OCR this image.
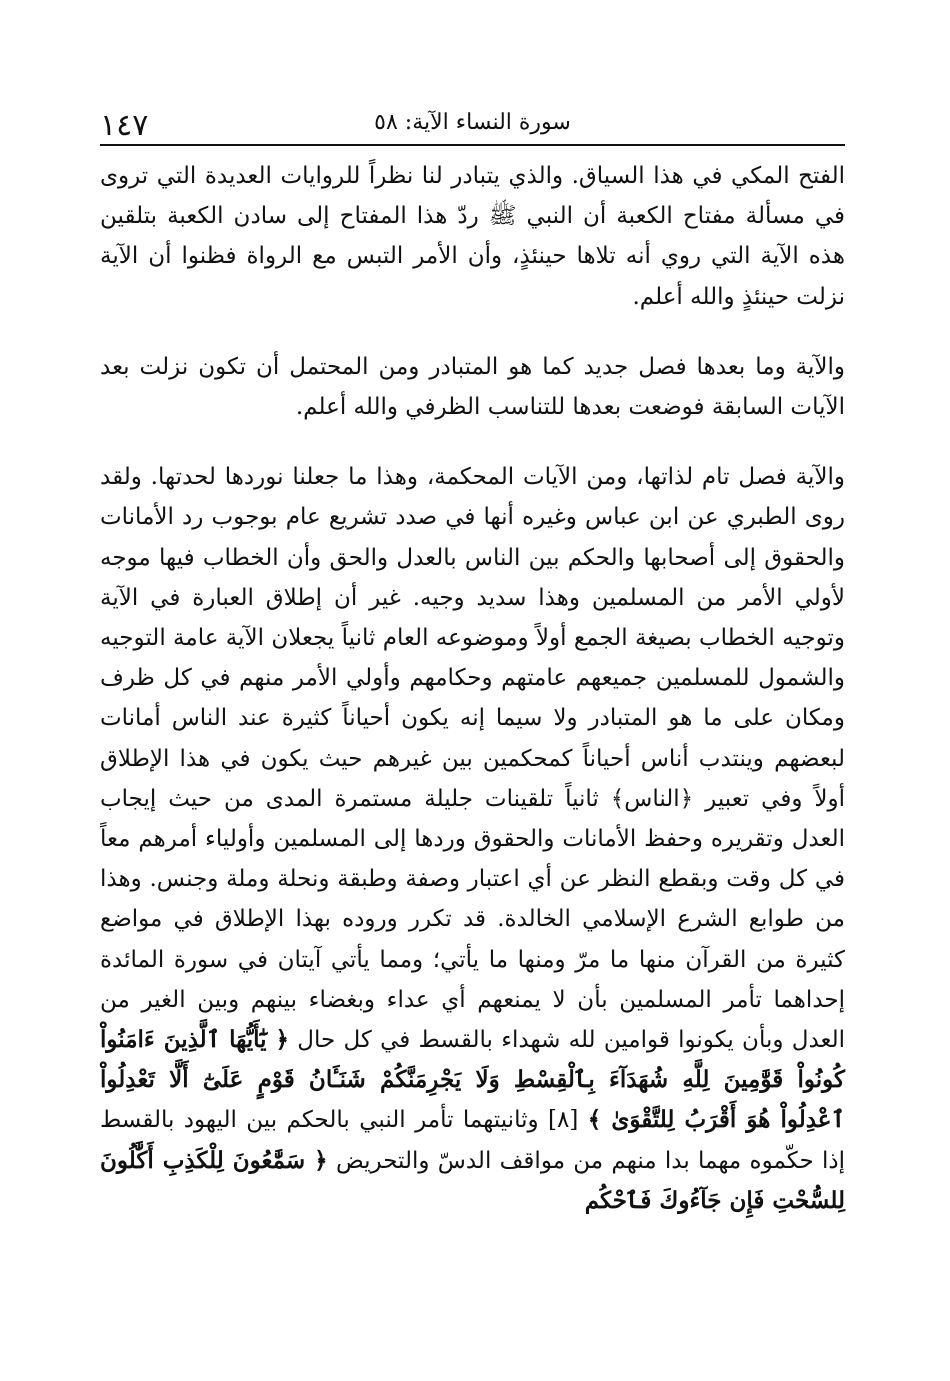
١٤٧	سورة النساء الآية: ٥٨

الفتح المكي في هذا السياق. والذي يتبادر لنا نظراً للروايات العديدة التي تروى في مسألة مفتاح الكعبة أن النبي ﷺ ردّ هذا المفتاح إلى سادن الكعبة بتلقين هذه الآية التي روي أنه تلاها حينئذٍ، وأن الأمر التبس مع الرواة فظنوا أن الآية نزلت حينئذٍ والله أعلم.

والآية وما بعدها فصل جديد كما هو المتبادر ومن المحتمل أن تكون نزلت بعد الآيات السابقة فوضعت بعدها للتناسب الظرفي والله أعلم.

والآية فصل تام لذاتها، ومن الآيات المحكمة، وهذا ما جعلنا نوردها لحدتها. ولقد روى الطبري عن ابن عباس وغيره أنها في صدد تشريع عام بوجوب رد الأمانات والحقوق إلى أصحابها والحكم بين الناس بالعدل والحق وأن الخطاب فيها موجه لأولي الأمر من المسلمين وهذا سديد وجيه. غير أن إطلاق العبارة في الآية وتوجيه الخطاب بصيغة الجمع أولاً وموضوعه العام ثانياً يجعلان الآية عامة التوجيه والشمول للمسلمين جميعهم عامتهم وحكامهم وأولي الأمر منهم في كل ظرف ومكان على ما هو المتبادر ولا سيما إنه يكون أحياناً كثيرة عند الناس أمانات لبعضهم وينتدب أناس أحياناً كمحكمين بين غيرهم حيث يكون في هذا الإطلاق أولاً وفي تعبير ﴿الناس﴾ ثانياً تلقينات جليلة مستمرة المدى من حيث إيجاب العدل وتقريره وحفظ الأمانات والحقوق وردها إلى المسلمين وأولياء أمرهم معاً في كل وقت وبقطع النظر عن أي اعتبار وصفة وطبقة ونحلة وملة وجنس. وهذا من طوابع الشرع الإسلامي الخالدة. قد تكرر وروده بهذا الإطلاق في مواضع كثيرة من القرآن منها ما مرّ ومنها ما يأتي؛ ومما يأتي آيتان في سورة المائدة إحداهما تأمر المسلمين بأن لا يمنعهم أي عداء وبغضاء بينهم وبين الغير من العدل وبأن يكونوا قوامين لله شهداء بالقسط في كل حال ﴿ يَٰٓأَيُّهَا ٱلَّذِينَ ءَامَنُواْ كُونُواْ قَوَّٰمِينَ لِلَّهِ شُهَدَآءَ بِٱلْقِسْطِ وَلَا يَجْرِمَنَّكُمْ شَنَـَٔانُ قَوْمٍ عَلَىٰٓ أَلَّا تَعْدِلُواْ ٱعْدِلُواْ هُوَ أَقْرَبُ لِلتَّقْوَىٰ ﴾ [٨] وثانيتهما تأمر النبي بالحكم بين اليهود بالقسط إذا حكّموه مهما بدا منهم من مواقف الدسّ والتحريض ﴿ سَمَّٰعُونَ لِلْكَذِبِ أَكَّٰلُونَ لِلسُّحْتِ فَإِن جَآءُوكَ فَٱحْكُم
